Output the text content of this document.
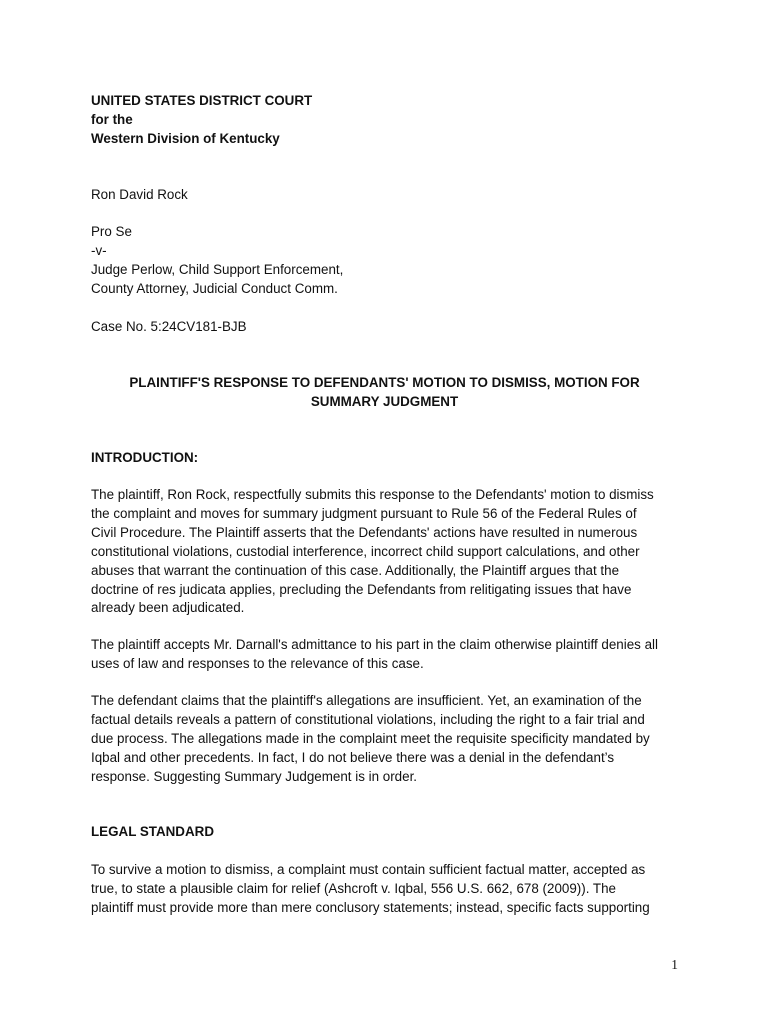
UNITED STATES DISTRICT COURT
for the
Western Division of Kentucky
Ron David Rock
Pro Se
-v-
Judge Perlow, Child Support Enforcement,
County Attorney, Judicial Conduct Comm.
Case No. 5:24CV181-BJB
PLAINTIFF'S RESPONSE TO DEFENDANTS' MOTION TO DISMISS, MOTION FOR
SUMMARY JUDGMENT
INTRODUCTION:
The plaintiff, Ron Rock, respectfully submits this response to the Defendants' motion to dismiss
the complaint and moves for summary judgment pursuant to Rule 56 of the Federal Rules of
Civil Procedure. The Plaintiff asserts that the Defendants' actions have resulted in numerous
constitutional violations, custodial interference, incorrect child support calculations, and other
abuses that warrant the continuation of this case. Additionally, the Plaintiff argues that the
doctrine of res judicata applies, precluding the Defendants from relitigating issues that have
already been adjudicated.
The plaintiff accepts Mr. Darnall's admittance to his part in the claim otherwise plaintiff denies all
uses of law and responses to the relevance of this case.
The defendant claims that the plaintiff's allegations are insufficient. Yet, an examination of the
factual details reveals a pattern of constitutional violations, including the right to a fair trial and
due process. The allegations made in the complaint meet the requisite specificity mandated by
Iqbal and other precedents. In fact, I do not believe there was a denial in the defendant’s
response. Suggesting Summary Judgement is in order.
LEGAL STANDARD
To survive a motion to dismiss, a complaint must contain sufficient factual matter, accepted as
true, to state a plausible claim for relief (Ashcroft v. Iqbal, 556 U.S. 662, 678 (2009)). The
plaintiff must provide more than mere conclusory statements; instead, specific facts supporting
1
